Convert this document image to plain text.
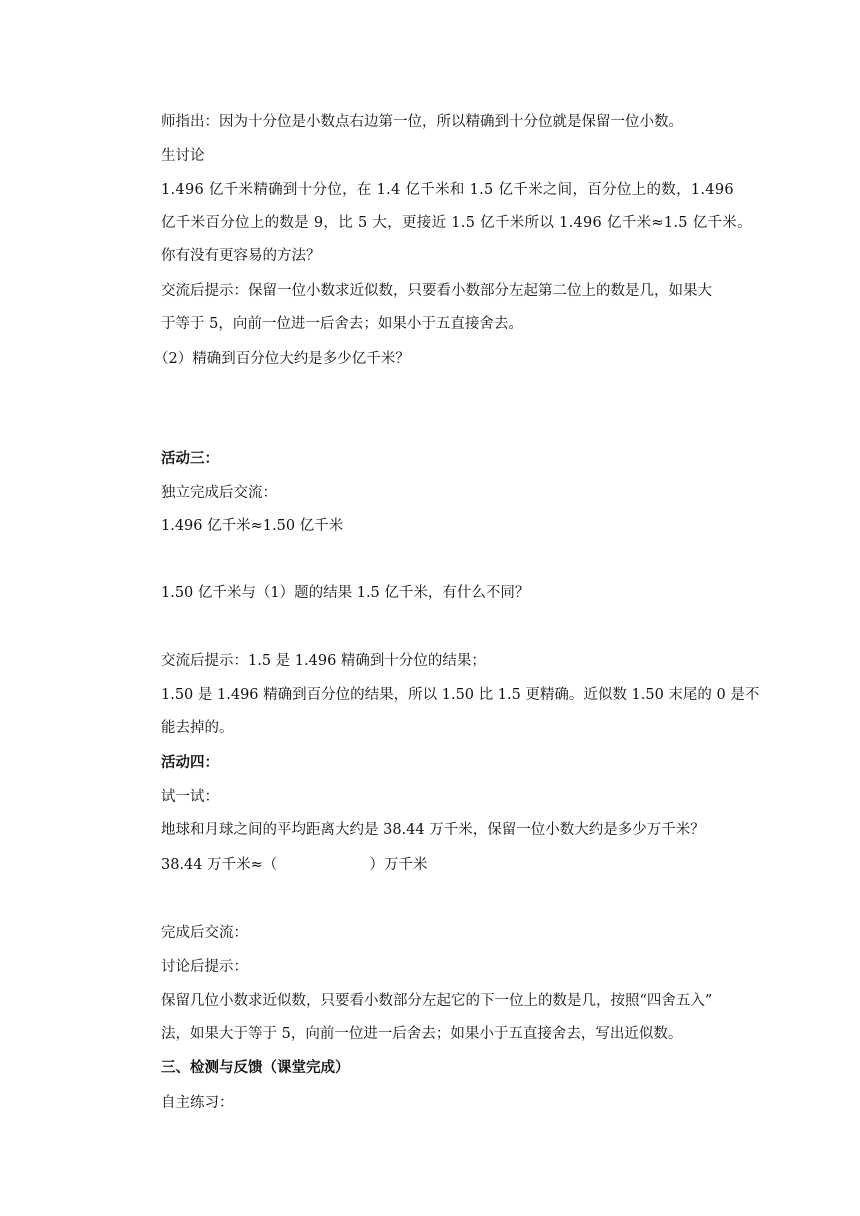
师指出：因为十分位是小数点右边第一位，所以精确到十分位就是保留一位小数。
生讨论
1.496 亿千米精确到十分位，在 1.4 亿千米和 1.5 亿千米之间，百分位上的数，1.496
亿千米百分位上的数是 9，比 5 大，更接近 1.5 亿千米所以 1.496 亿千米≈1.5 亿千米。
你有没有更容易的方法？
交流后提示：保留一位小数求近似数，只要看小数部分左起第二位上的数是几，如果大
于等于 5，向前一位进一后舍去；如果小于五直接舍去。
（2）精确到百分位大约是多少亿千米？
活动三：
独立完成后交流：
1.496 亿千米≈1.50 亿千米
1.50 亿千米与（1）题的结果 1.5 亿千米，有什么不同？
交流后提示：1.5 是 1.496 精确到十分位的结果；
1.50 是 1.496 精确到百分位的结果，所以 1.50 比 1.5 更精确。近似数 1.50 末尾的 0 是不
能去掉的。
活动四：
试一试：
地球和月球之间的平均距离大约是 38.44 万千米，保留一位小数大约是多少万千米？
38.44 万千米≈（                    ）万千米
完成后交流：
讨论后提示：
保留几位小数求近似数，只要看小数部分左起它的下一位上的数是几，按照“四舍五入”
法，如果大于等于 5，向前一位进一后舍去；如果小于五直接舍去，写出近似数。
三、检测与反馈（课堂完成）
自主练习：
